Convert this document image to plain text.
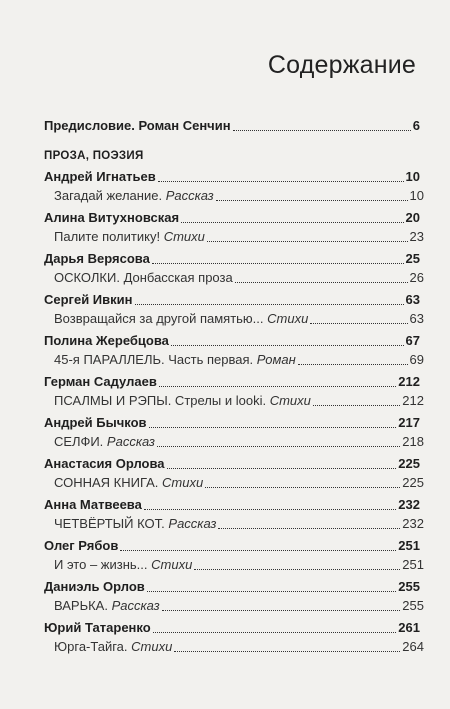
Содержание
Предисловие. Роман Сенчин	6
ПРОЗА, ПОЭЗИЯ
Андрей Игнатьев	10
Загадай желание. Рассказ	10
Алина Витухновская	20
Палите политику! Стихи	23
Дарья Верясова	25
ОСКОЛКИ. Донбасская проза	26
Сергей Ивкин	63
Возвращайся за другой памятью... Стихи	63
Полина Жеребцова	67
45-я ПАРАЛЛЕЛЬ. Часть первая. Роман	69
Герман Садулаев	212
ПСАЛМЫ И РЭПЫ. Стрелы и looki. Стихи	212
Андрей Бычков	217
СЕЛФИ. Рассказ	218
Анастасия Орлова	225
СОННАЯ КНИГА. Стихи	225
Анна Матвеева	232
ЧЕТВЁРТЫЙ КОТ. Рассказ	232
Олег Рябов	251
И это – жизнь... Стихи	251
Даниэль Орлов	255
ВАРЬКА. Рассказ	255
Юрий Татаренко	261
Юрга-Тайга. Стихи	264
